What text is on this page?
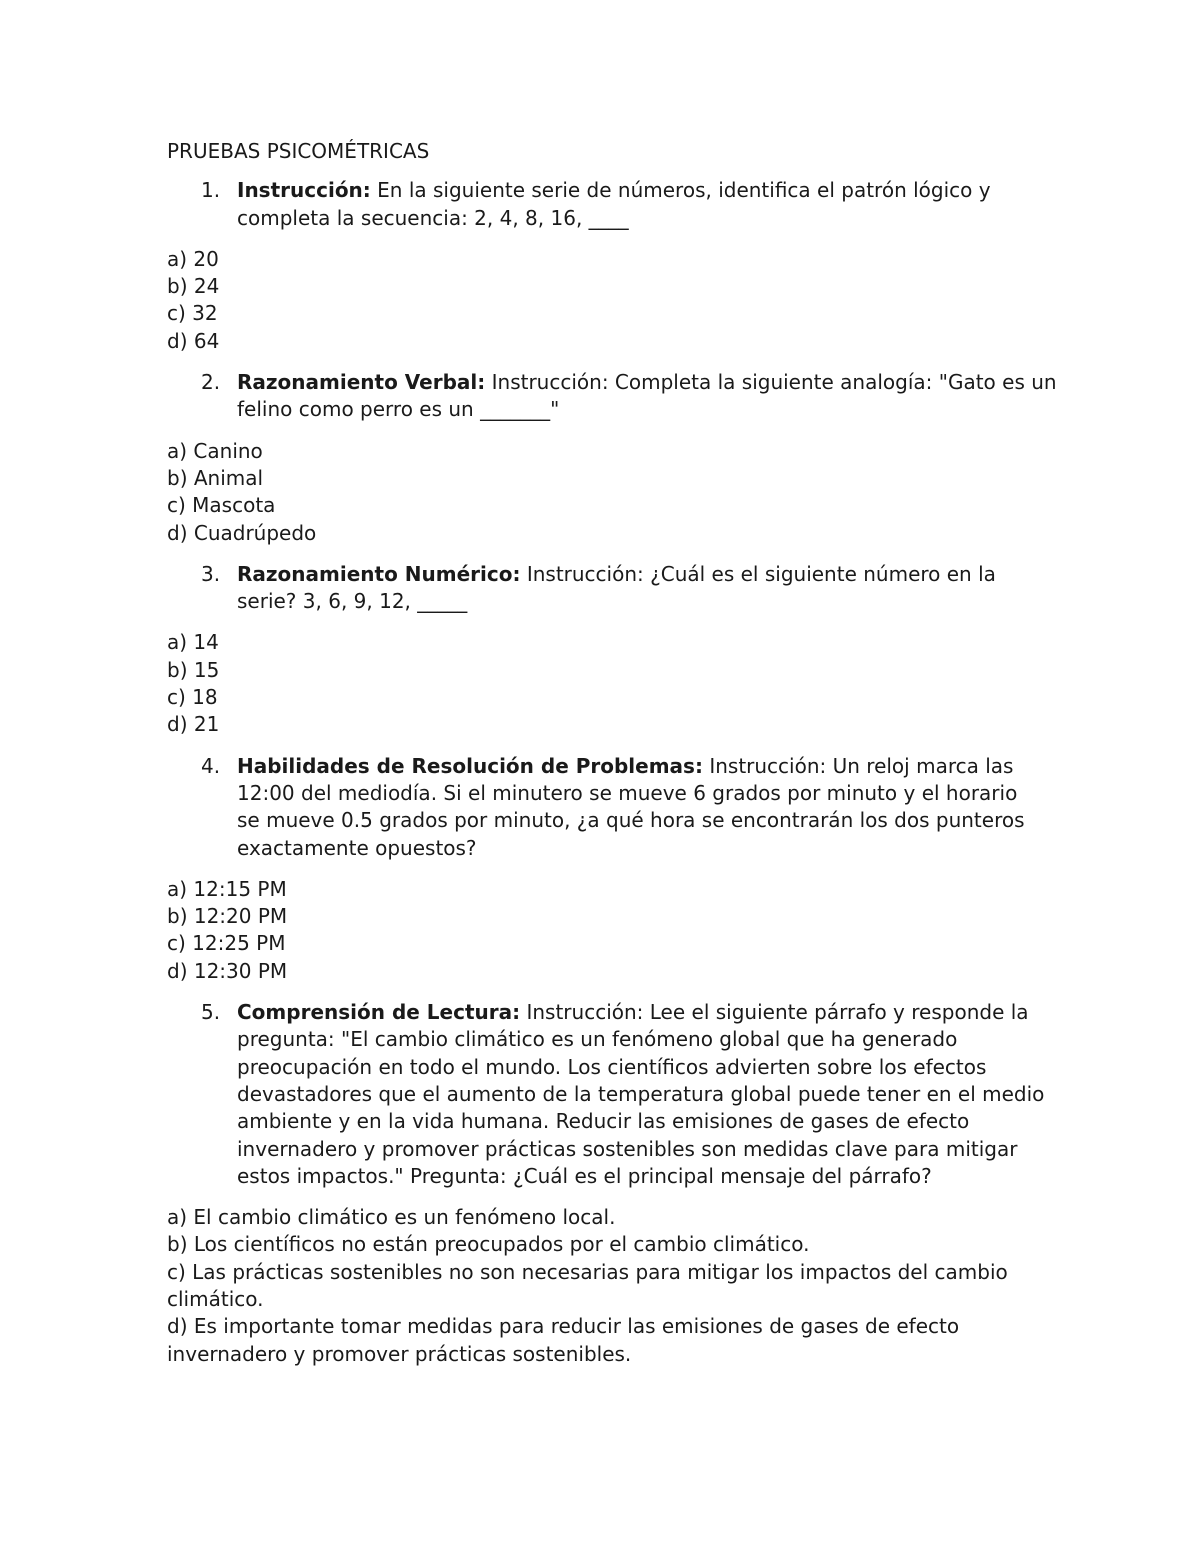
PRUEBAS PSICOMÉTRICAS
1. Instrucción: En la siguiente serie de números, identifica el patrón lógico y completa la secuencia: 2, 4, 8, 16, ____
a) 20
b) 24
c) 32
d) 64
2. Razonamiento Verbal: Instrucción: Completa la siguiente analogía: "Gato es un felino como perro es un _______"
a) Canino
b) Animal
c) Mascota
d) Cuadrúpedo
3. Razonamiento Numérico: Instrucción: ¿Cuál es el siguiente número en la serie? 3, 6, 9, 12, _____
a) 14
b) 15
c) 18
d) 21
4. Habilidades de Resolución de Problemas: Instrucción: Un reloj marca las 12:00 del mediodía. Si el minutero se mueve 6 grados por minuto y el horario se mueve 0.5 grados por minuto, ¿a qué hora se encontrarán los dos punteros exactamente opuestos?
a) 12:15 PM
b) 12:20 PM
c) 12:25 PM
d) 12:30 PM
5. Comprensión de Lectura: Instrucción: Lee el siguiente párrafo y responde la pregunta: "El cambio climático es un fenómeno global que ha generado preocupación en todo el mundo. Los científicos advierten sobre los efectos devastadores que el aumento de la temperatura global puede tener en el medio ambiente y en la vida humana. Reducir las emisiones de gases de efecto invernadero y promover prácticas sostenibles son medidas clave para mitigar estos impactos." Pregunta: ¿Cuál es el principal mensaje del párrafo?
a) El cambio climático es un fenómeno local.
b) Los científicos no están preocupados por el cambio climático.
c) Las prácticas sostenibles no son necesarias para mitigar los impactos del cambio climático.
d) Es importante tomar medidas para reducir las emisiones de gases de efecto invernadero y promover prácticas sostenibles.
